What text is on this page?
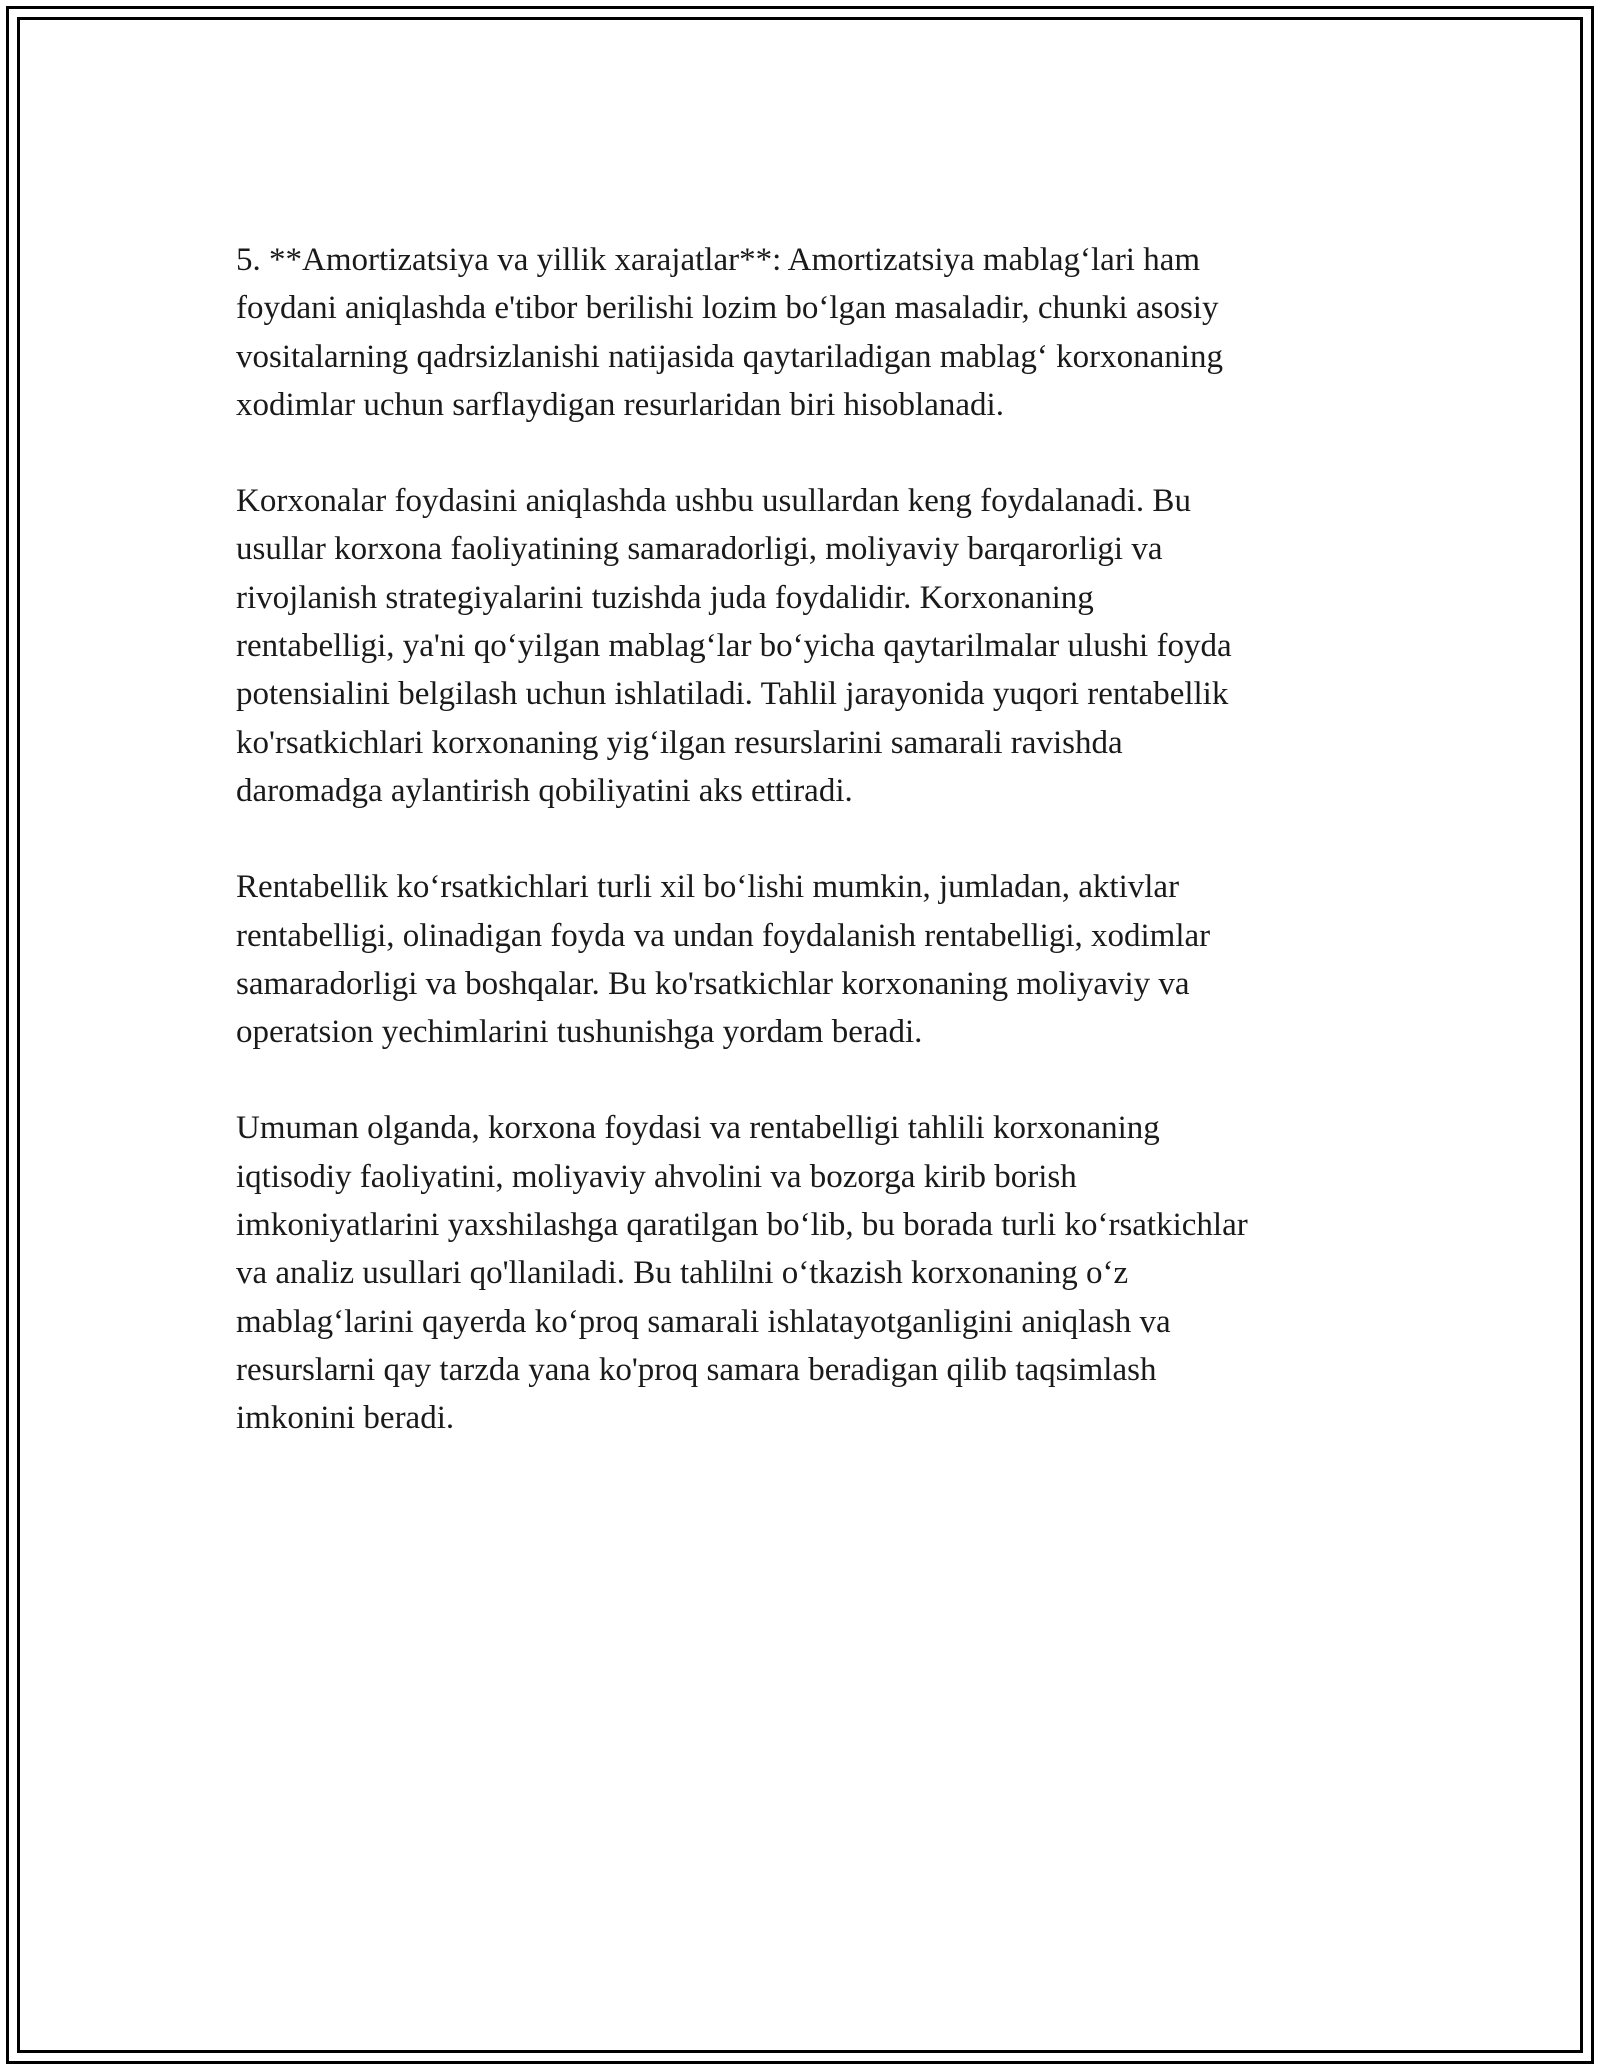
5. **Amortizatsiya va yillik xarajatlar**: Amortizatsiya mablag‘lari ham
foydani aniqlashda e'tibor berilishi lozim bo‘lgan masaladir, chunki asosiy
vositalarning qadrsizlanishi natijasida qaytariladigan mablag‘ korxonaning
xodimlar uchun sarflaydigan resurlaridan biri hisoblanadi.

Korxonalar foydasini aniqlashda ushbu usullardan keng foydalanadi. Bu
usullar korxona faoliyatining samaradorligi, moliyaviy barqarorligi va
rivojlanish strategiyalarini tuzishda juda foydalidir. Korxonaning
rentabelligi, ya'ni qo‘yilgan mablag‘lar bo‘yicha qaytarilmalar ulushi foyda
potensialini belgilash uchun ishlatiladi. Tahlil jarayonida yuqori rentabellik
ko'rsatkichlari korxonaning yig‘ilgan resurslarini samarali ravishda
daromadga aylantirish qobiliyatini aks ettiradi.

Rentabellik ko‘rsatkichlari turli xil bo‘lishi mumkin, jumladan, aktivlar
rentabelligi, olinadigan foyda va undan foydalanish rentabelligi, xodimlar
samaradorligi va boshqalar. Bu ko'rsatkichlar korxonaning moliyaviy va
operatsion yechimlarini tushunishga yordam beradi.

Umuman olganda, korxona foydasi va rentabelligi tahlili korxonaning
iqtisodiy faoliyatini, moliyaviy ahvolini va bozorga kirib borish
imkoniyatlarini yaxshilashga qaratilgan bo‘lib, bu borada turli ko‘rsatkichlar
va analiz usullari qo'llaniladi. Bu tahlilni o‘tkazish korxonaning o‘z
mablag‘larini qayerda ko‘proq samarali ishlatayotganligini aniqlash va
resurslarni qay tarzda yana ko'proq samara beradigan qilib taqsimlash
imkonini beradi.
